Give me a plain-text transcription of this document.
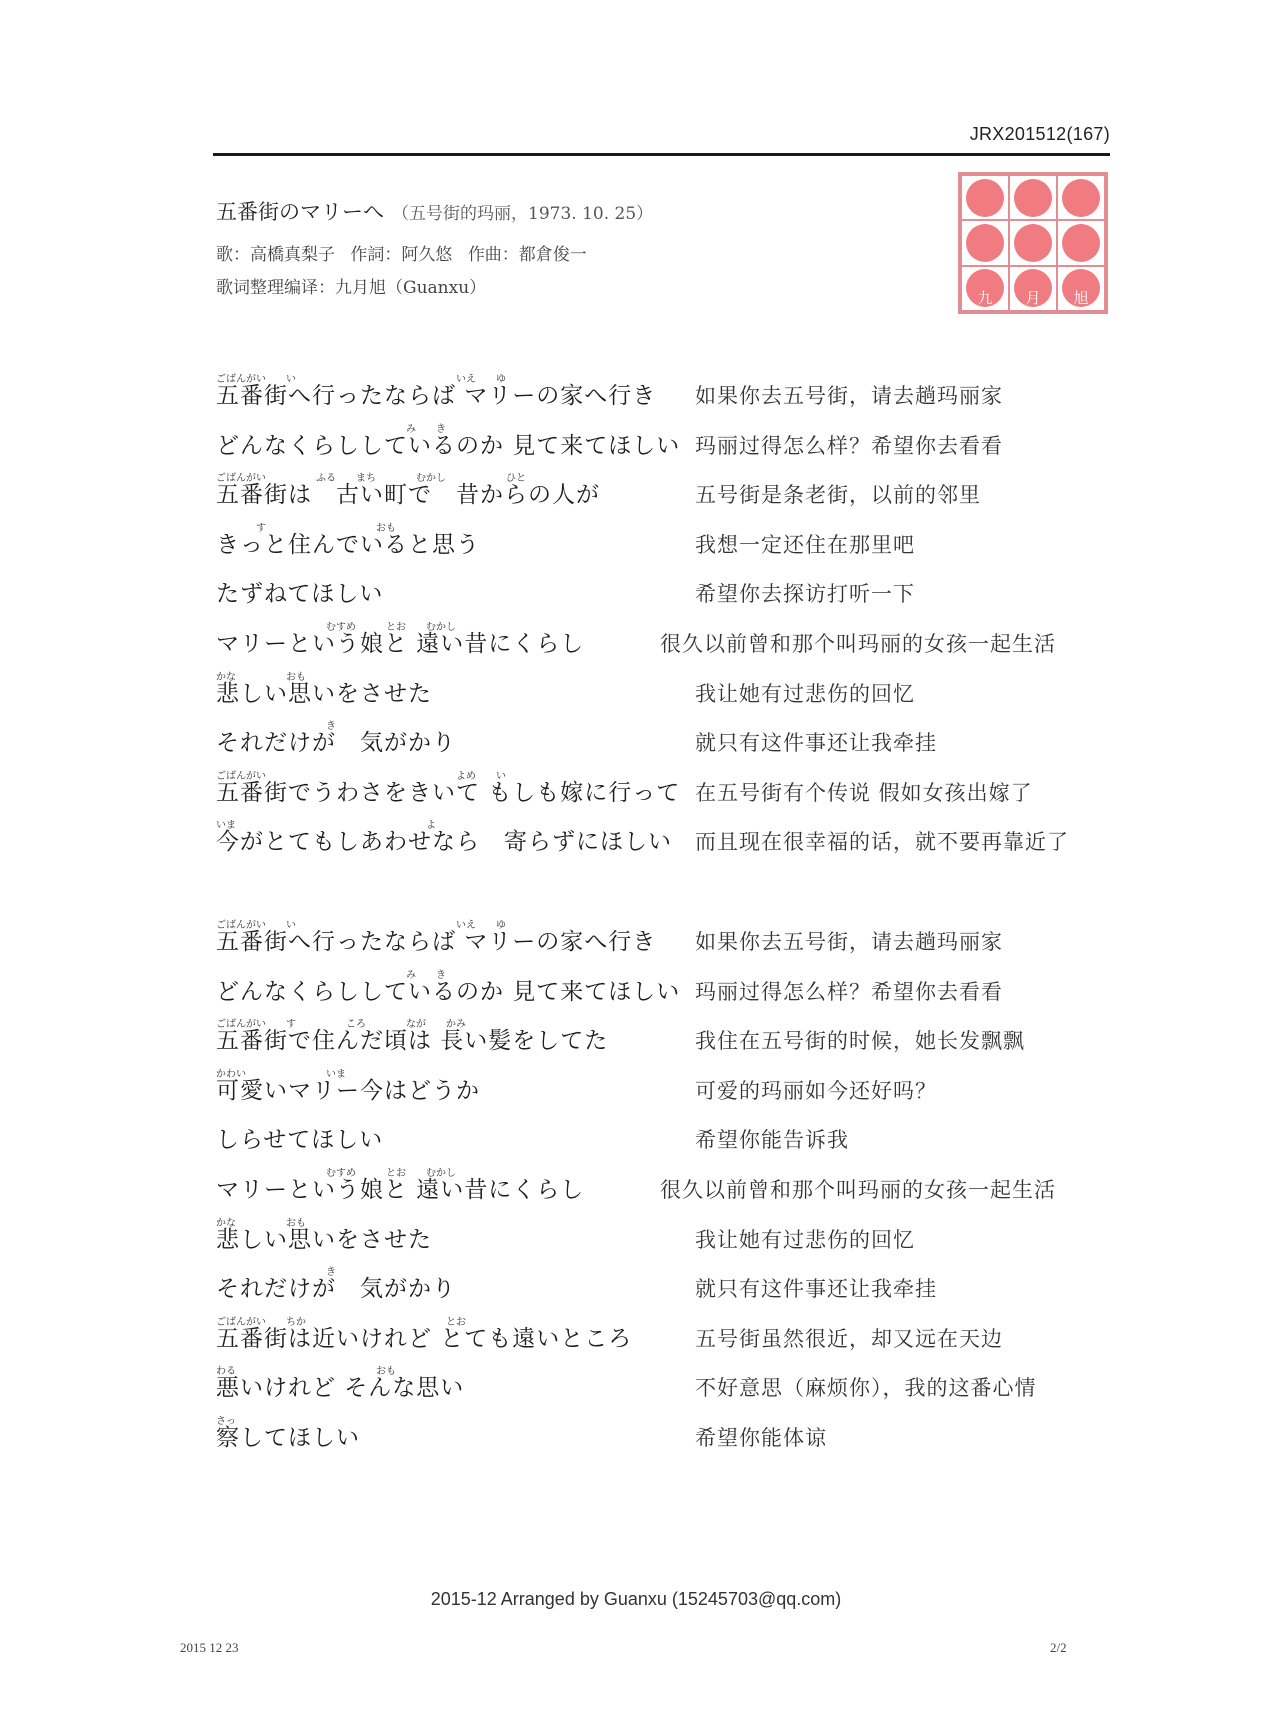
JRX201512(167)
五番街のマリーへ （五号街的玛丽，1973. 10. 25）
歌：高橋真梨子 作詞：阿久悠 作曲：都倉俊一
歌词整理编译：九月旭（Guanxu）
九 月 旭
ごばんがい　　い　　　　　　　　　　　　　　　　いえ　　ゆ
五番街へ行ったならば マリーの家へ行き 如果你去五号街，请去趟玛丽家
　　　　　　　　　　　　　　　　　　　み　　き
どんなくらししているのか 見て来てほしい 玛丽过得怎么样？希望你去看看
ごばんがい　　　　　ふる　　まち　　　　むかし　　　　　　ひと
五番街は　古い町で　昔からの人が	五号街是条老街，以前的邻里
　　　　す　　　　　　　　　　　おも
きっと住んでいると思う	我想一定还住在那里吧
たずねてほしい	希望你去探访打听一下
　　　　　　　　　　　むすめ　　　とお　　むかし
マリーという娘と 遠い昔にくらし	很久以前曾和那个叫玛丽的女孩一起生活
かな　　　　　おも
悲しい思いをさせた	我让她有过悲伤的回忆
　　　　　　　　　　　き
それだけが　気がかり	就只有这件事还让我牵挂
ごばんがい　　　　　　　　　　　　　　　　　　　よめ　　い
五番街でうわさをきいて もしも嫁に行って 在五号街有个传说 假如女孩出嫁了
いま　　　　　　　　　　　　　　　　　　　よ
今がとてもしあわせなら　寄らずにほしい 而且现在很幸福的话，就不要再靠近了
ごばんがい　　い　　　　　　　　　　　　　　　　いえ　　ゆ
五番街へ行ったならば マリーの家へ行き 如果你去五号街，请去趟玛丽家
　　　　　　　　　　　　　　　　　　　み　　き
どんなくらししているのか 見て来てほしい 玛丽过得怎么样？希望你去看看
ごばんがい　　す　　　　　ころ　　　　なが　　かみ
五番街で住んだ頃は 長い髪をしてた	我住在五号街的时候，她长发飘飘
かわい　　　　　　　　いま
可愛いマリー今はどうか	可爱的玛丽如今还好吗？
しらせてほしい	希望你能告诉我
　　　　　　　　　　　むすめ　　　とお　　むかし
マリーという娘と 遠い昔にくらし	很久以前曾和那个叫玛丽的女孩一起生活
かな　　　　　おも
悲しい思いをさせた	我让她有过悲伤的回忆
　　　　　　　　　　　き
それだけが　気がかり	就只有这件事还让我牵挂
ごばんがい　　ちか　　　　　　　　　　　　　　とお
五番街は近いけれど とても遠いところ	五号街虽然很近，却又远在天边
わる　　　　　　　　　　　　　　おも
悪いけれど そんな思い	不好意思（麻烦你），我的这番心情
さっ
察してほしい	希望你能体谅
2015-12 Arranged by Guanxu (15245703@qq.com)
2015 12 23	2/2
